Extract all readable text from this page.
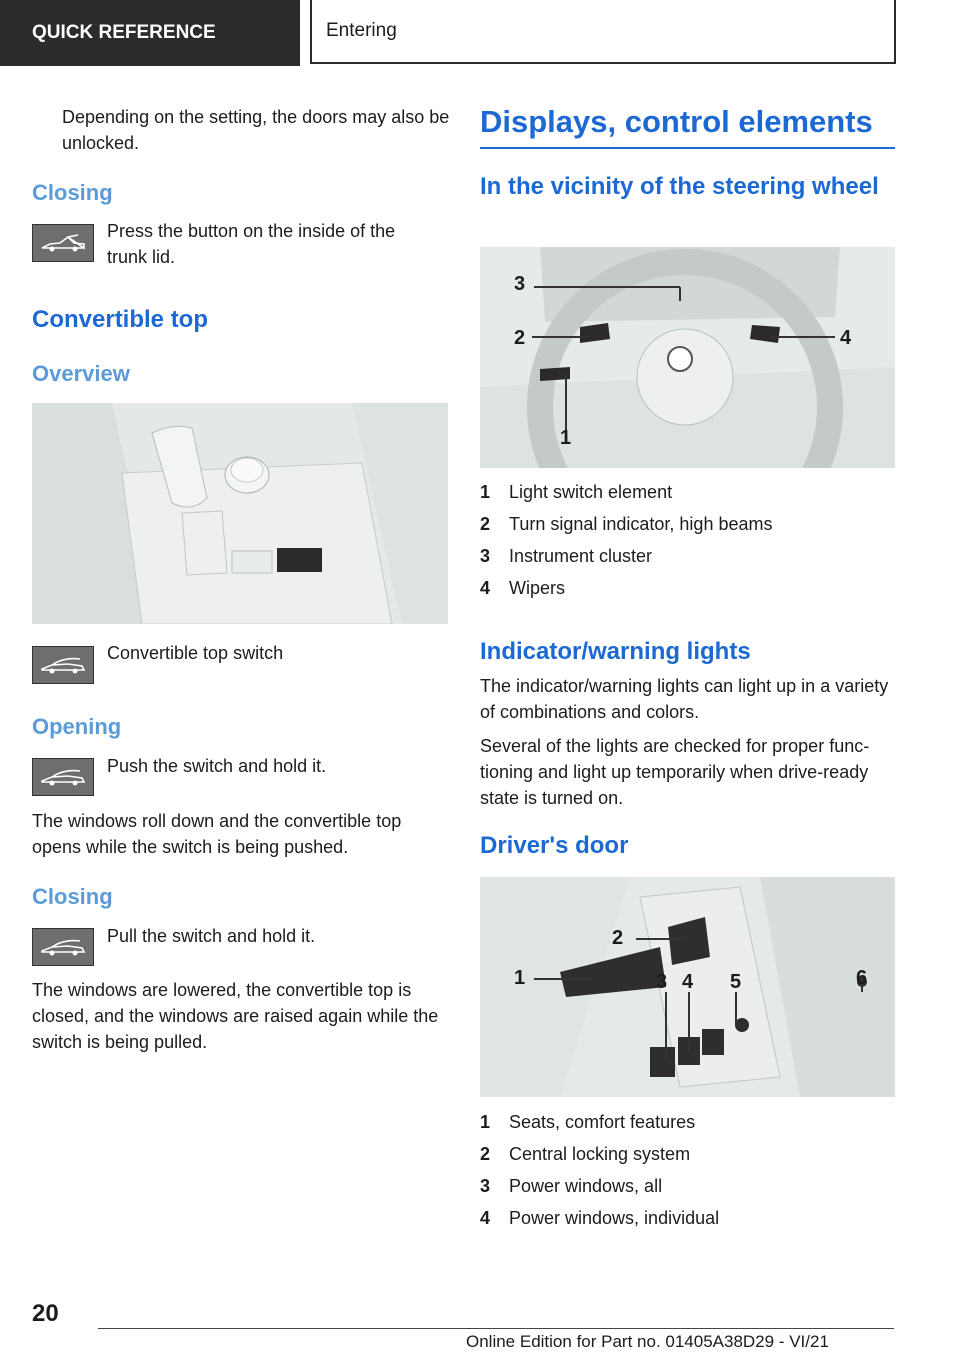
QUICK REFERENCE	Entering
Depending on the setting, the doors may also be unlocked.
Closing
Press the button on the inside of the trunk lid.
Convertible top
Overview
Convertible top switch
Opening
Push the switch and hold it.
The windows roll down and the convertible top opens while the switch is being pushed.
Closing
Pull the switch and hold it.
The windows are lowered, the convertible top is closed, and the windows are raised again while the switch is being pulled.
Displays, control elements
In the vicinity of the steering wheel
3
2	4
1
1 Light switch element
2 Turn signal indicator, high beams
3 Instrument cluster
4 Wipers
Indicator/warning lights
The indicator/warning lights can light up in a variety of combinations and colors.
Several of the lights are checked for proper functioning and light up temporarily when drive-ready state is turned on.
Driver's door
1
2
3 4 5	6
1 Seats, comfort features
2 Central locking system
3 Power windows, all
4 Power windows, individual
20
Online Edition for Part no. 01405A38D29 - VI/21
